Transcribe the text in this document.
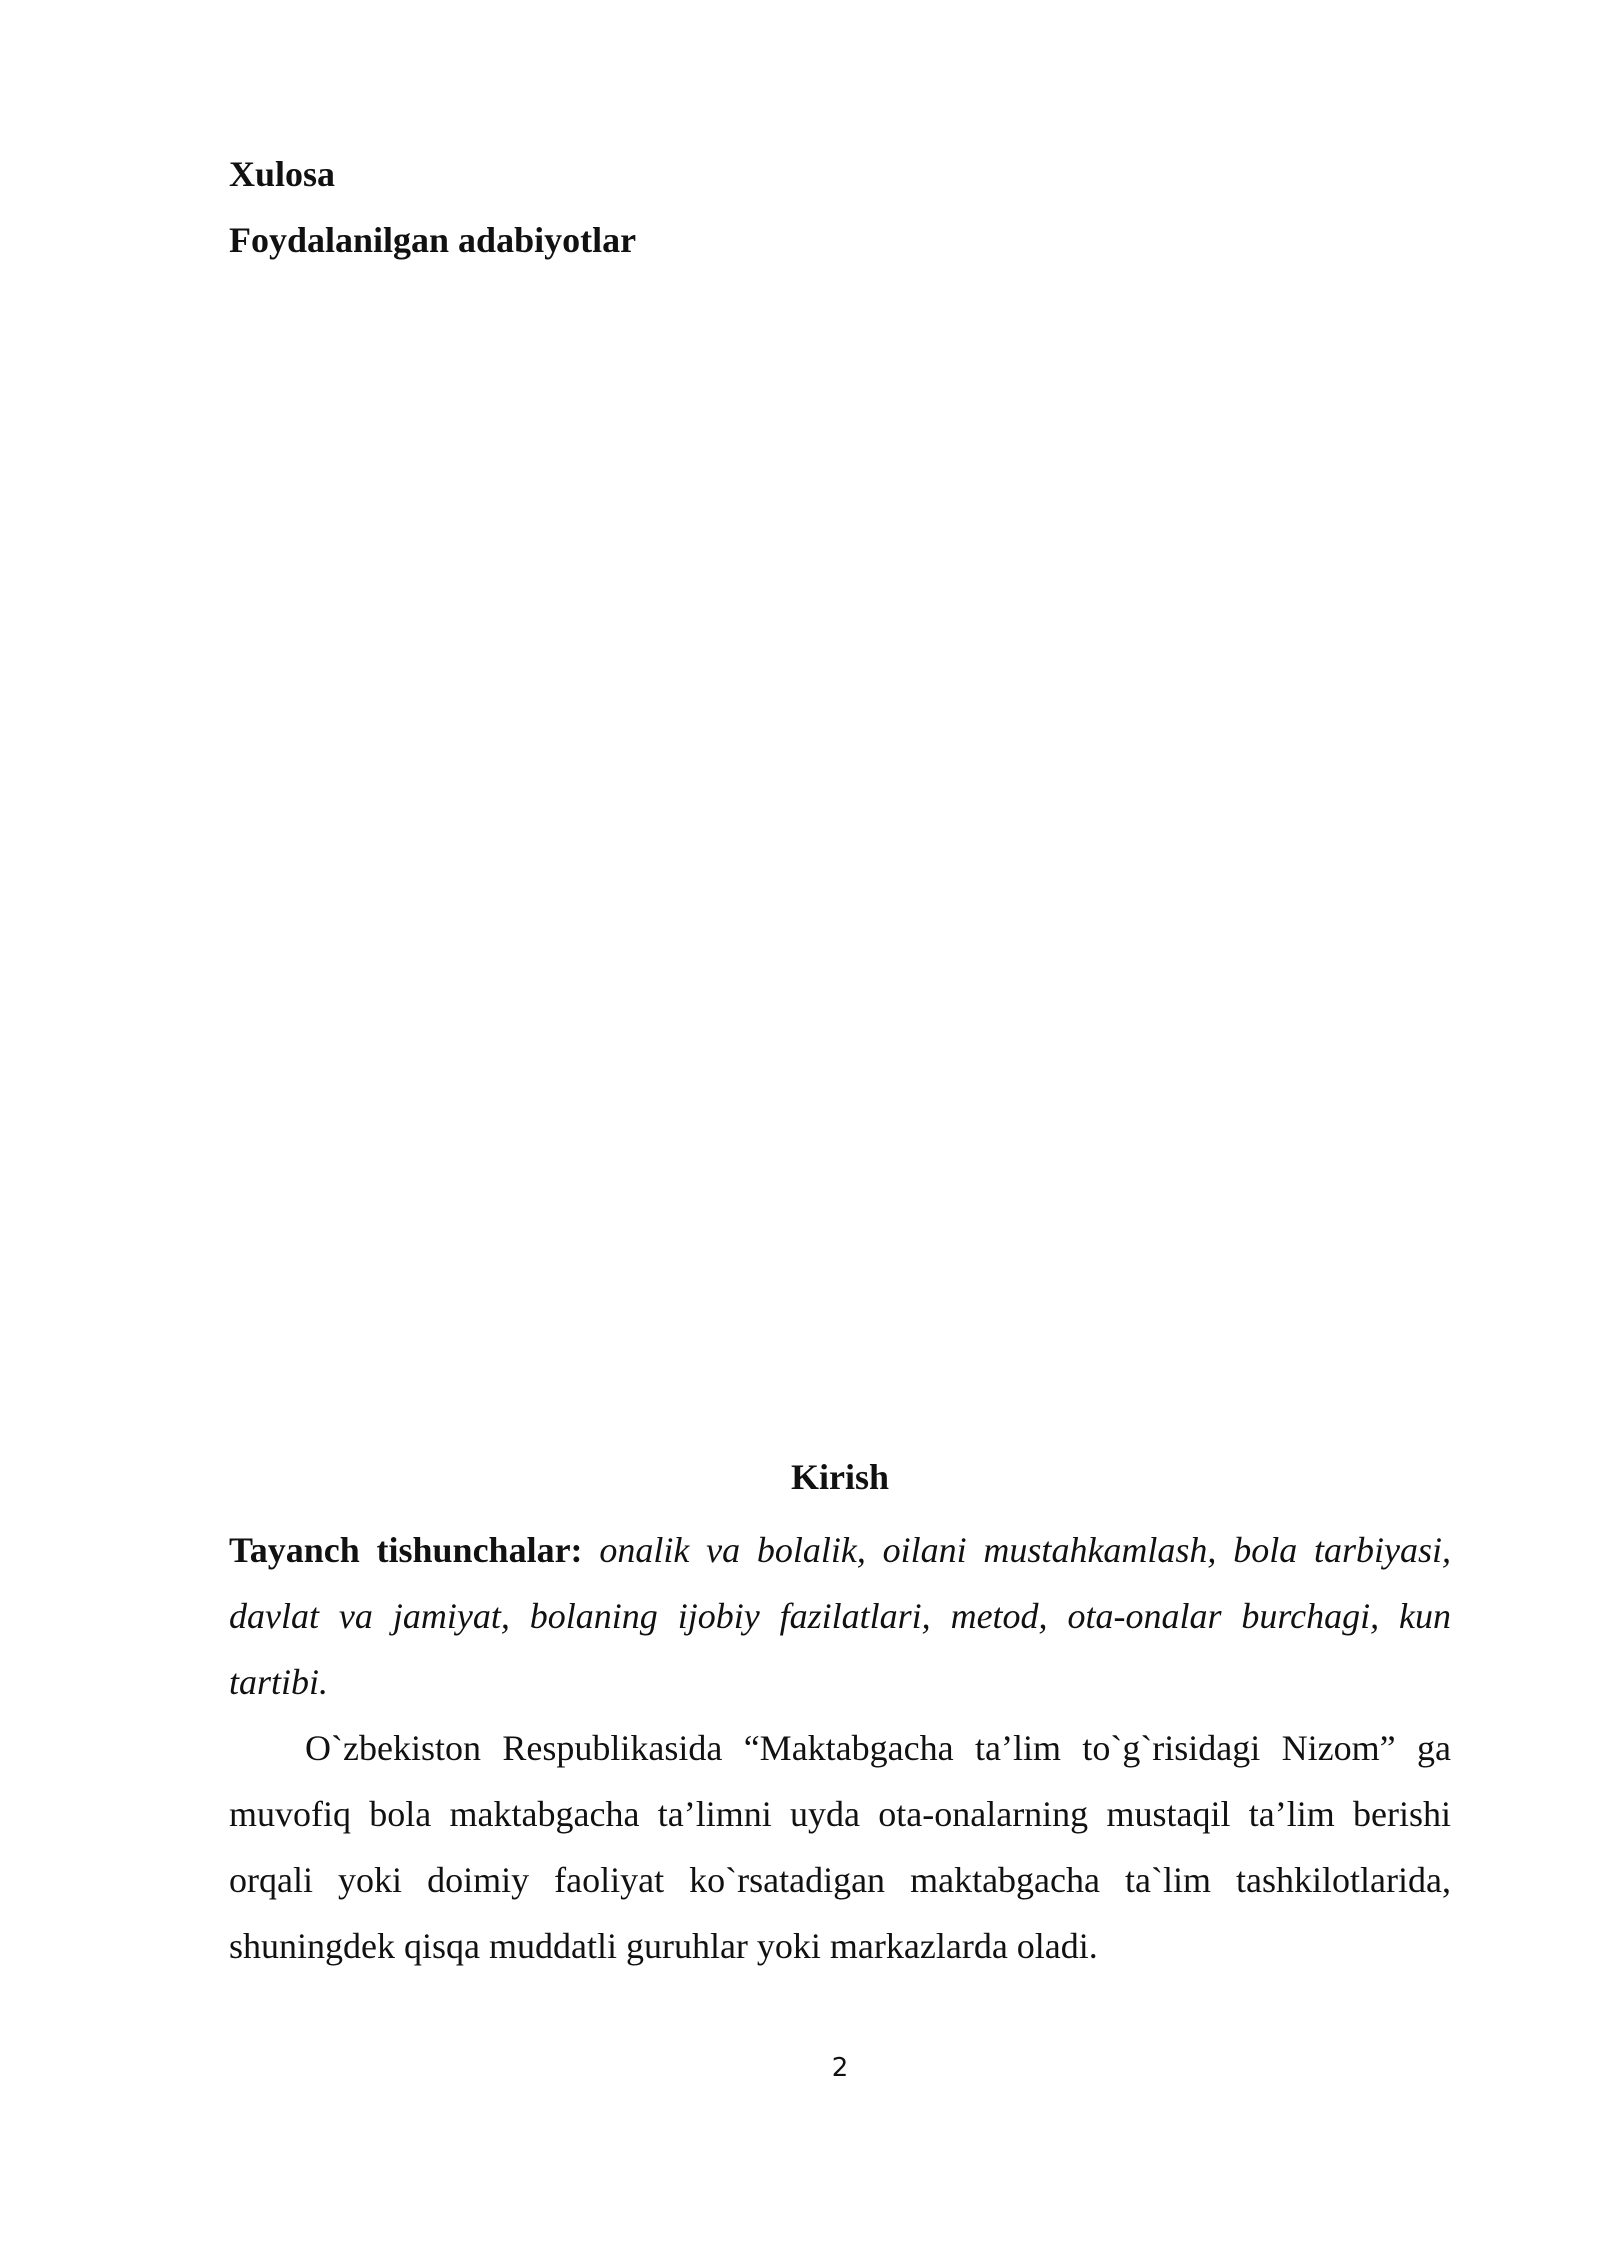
Xulosa

Foydalanilgan adabiyotlar

Kirish

Tayanch tishunchalar: onalik va bolalik, oilani mustahkamlash, bola tarbiyasi, davlat va jamiyat, bolaning ijobiy fazilatlari, metod, ota-onalar burchagi, kun tartibi.

O`zbekiston Respublikasida “Maktabgacha ta’lim to`g`risidagi Nizom” ga muvofiq bola maktabgacha ta’limni uyda ota-onalarning mustaqil ta’lim berishi orqali yoki doimiy faoliyat ko`rsatadigan maktabgacha ta`lim tashkilotlarida, shuningdek qisqa muddatli guruhlar yoki markazlarda oladi.

2
